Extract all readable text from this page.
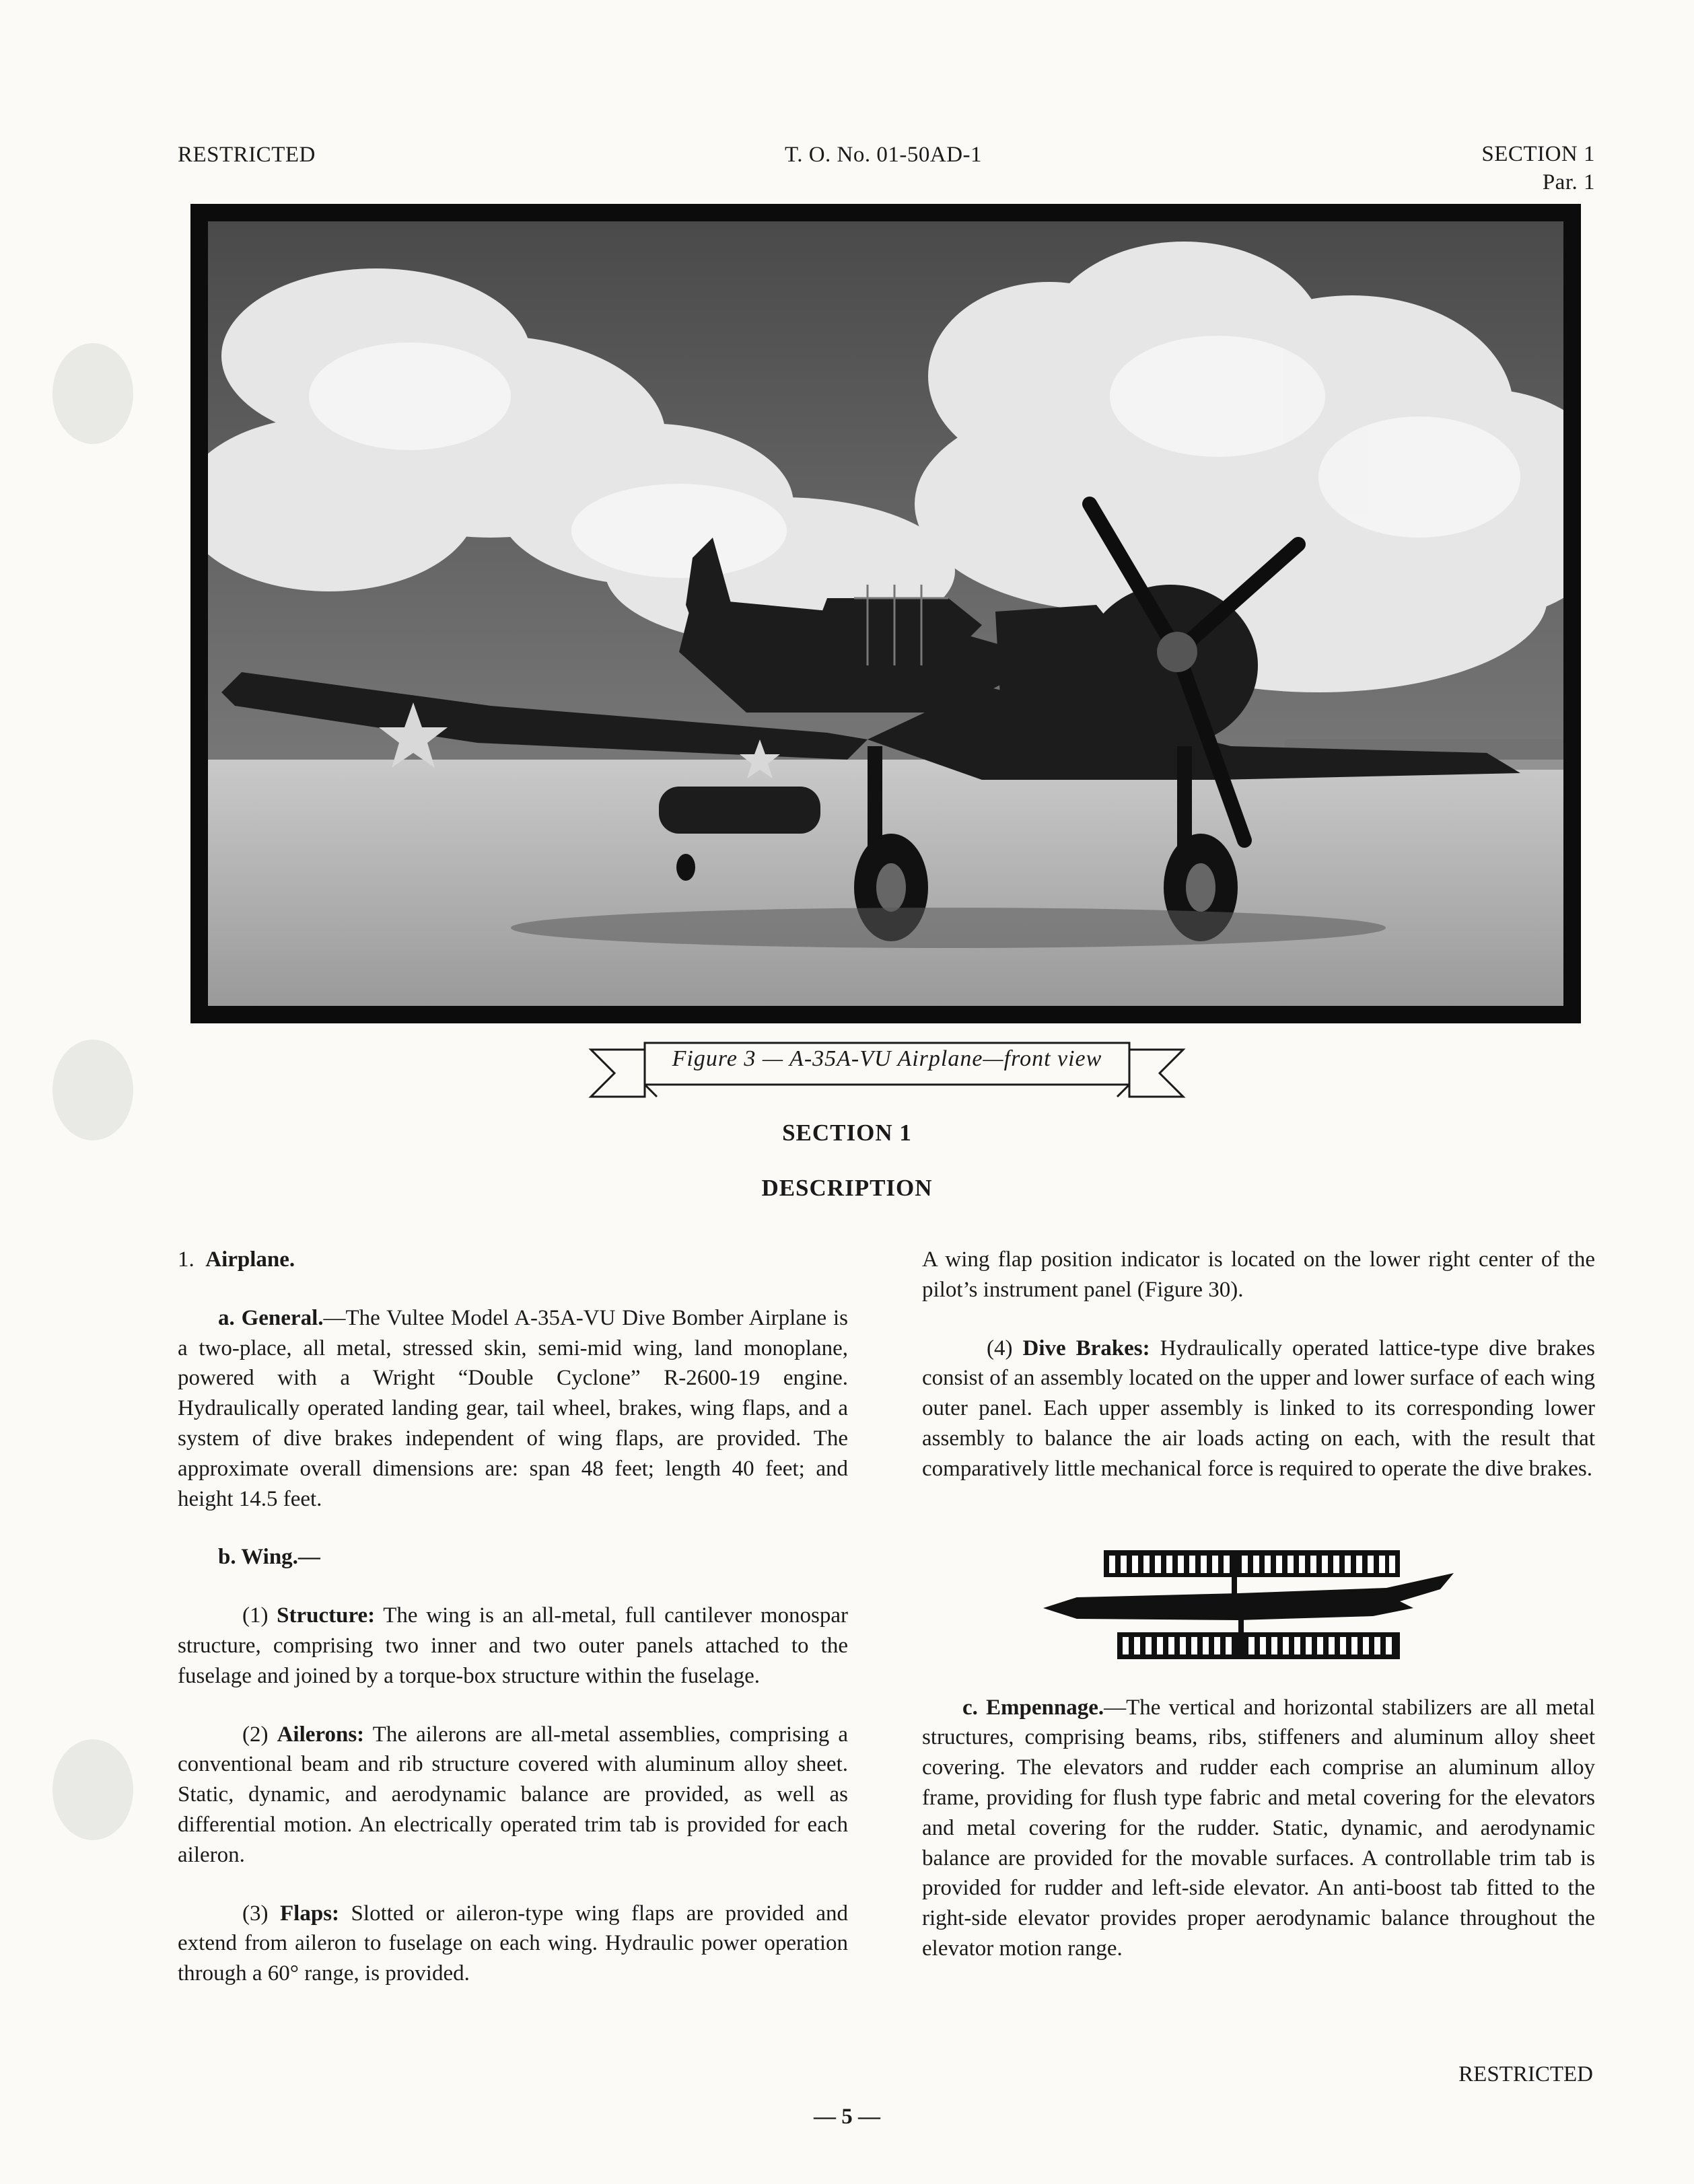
RESTRICTED	T. O. No. 01-50AD-1	SECTION 1
Par. 1
Figure 3 — A-35A-VU Airplane—front view
SECTION 1
DESCRIPTION

1. Airplane.

a. General.—The Vultee Model A-35A-VU Dive Bomber Airplane is a two-place, all metal, stressed skin, semi-mid wing, land monoplane, powered with a Wright “Double Cyclone” R-2600-19 engine. Hydraulically operated landing gear, tail wheel, brakes, wing flaps, and a system of dive brakes independent of wing flaps, are provided. The approximate overall dimensions are: span 48 feet; length 40 feet; and height 14.5 feet.

b. Wing.—

(1) Structure: The wing is an all-metal, full cantilever monospar structure, comprising two inner and two outer panels attached to the fuselage and joined by a torque-box structure within the fuselage.

(2) Ailerons: The ailerons are all-metal assemblies, comprising a conventional beam and rib structure covered with aluminum alloy sheet. Static, dynamic, and aerodynamic balance are provided, as well as differential motion. An electrically operated trim tab is provided for each aileron.

(3) Flaps: Slotted or aileron-type wing flaps are provided and extend from aileron to fuselage on each wing. Hydraulic power operation through a 60° range, is provided.

A wing flap position indicator is located on the lower right center of the pilot’s instrument panel (Figure 30).

(4) Dive Brakes: Hydraulically operated lattice-type dive brakes consist of an assembly located on the upper and lower surface of each wing outer panel. Each upper assembly is linked to its corresponding lower assembly to balance the air loads acting on each, with the result that comparatively little mechanical force is required to operate the dive brakes.

c. Empennage.—The vertical and horizontal stabilizers are all metal structures, comprising beams, ribs, stiffeners and aluminum alloy sheet covering. The elevators and rudder each comprise an aluminum alloy frame, providing for flush type fabric and metal covering for the elevators and metal covering for the rudder. Static, dynamic, and aerodynamic balance are provided for the movable surfaces. A controllable trim tab is provided for rudder and left-side elevator. An anti-boost tab fitted to the right-side elevator provides proper aerodynamic balance throughout the elevator motion range.

RESTRICTED
— 5 —
